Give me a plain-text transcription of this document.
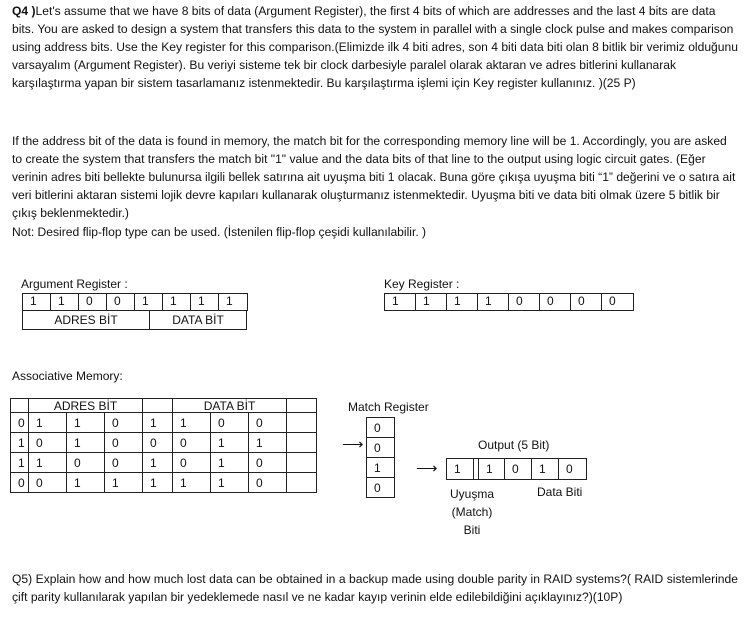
Q4 )Let's assume that we have 8 bits of data (Argument Register), the first 4 bits of which are addresses and the last 4 bits are data bits. You are asked to design a system that transfers this data to the system in parallel with a single clock pulse and makes comparison using address bits. Use the Key register for this comparison.(Elimizde ilk 4 biti adres, son 4 biti data biti olan 8 bitlik bir verimiz olduğunu varsayalım (Argument Register). Bu veriyi sisteme tek bir clock darbesiyle paralel olarak aktaran ve adres bitlerini kullanarak karşılaştırma yapan bir sistem tasarlamanız istenmektedir. Bu karşılaştırma işlemi için Key register kullanınız. )(25 P)

If the address bit of the data is found in memory, the match bit for the corresponding memory line will be 1. Accordingly, you are asked to create the system that transfers the match bit "1" value and the data bits of that line to the output using logic circuit gates. (Eğer verinin adres biti bellekte bulunursa ilgili bellek satırına ait uyuşma biti 1 olacak. Buna göre çıkışa uyuşma biti “1” değerini ve o satıra ait veri bitlerini aktaran sistemi lojik devre kapıları kullanarak oluşturmanız istenmektedir. Uyuşma biti ve data biti olmak üzere 5 bitlik bir çıkış beklenmektedir.)

Not: Desired flip-flop type can be used. (İstenilen flip-flop çeşidi kullanılabilir. )

Argument Register :
1	1	0	0	1	1	1	1
ADRES BİT	DATA BİT
Key Register :
1	1	1	1	0	0	0	0
Associative Memory:
	ADRES BİT				DATA BİT			
0	1	1	0	1	1	0	0	
1	0	1	0	0	0	1	1	
1	1	0	0	1	0	1	0	
0	0	1	1	1	1	1	0	
Match Register
0
0
1
0
⟶	Output (5 Bit)
⟶	1	1	0	1	0
Uyuşma
(Match)
Biti
Data Biti

Q5) Explain how and how much lost data can be obtained in a backup made using double parity in RAID systems?( RAID sistemlerinde çift parity kullanılarak yapılan bir yedeklemede nasıl ve ne kadar kayıp verinin elde edilebildiğini açıklayınız?)(10P)
